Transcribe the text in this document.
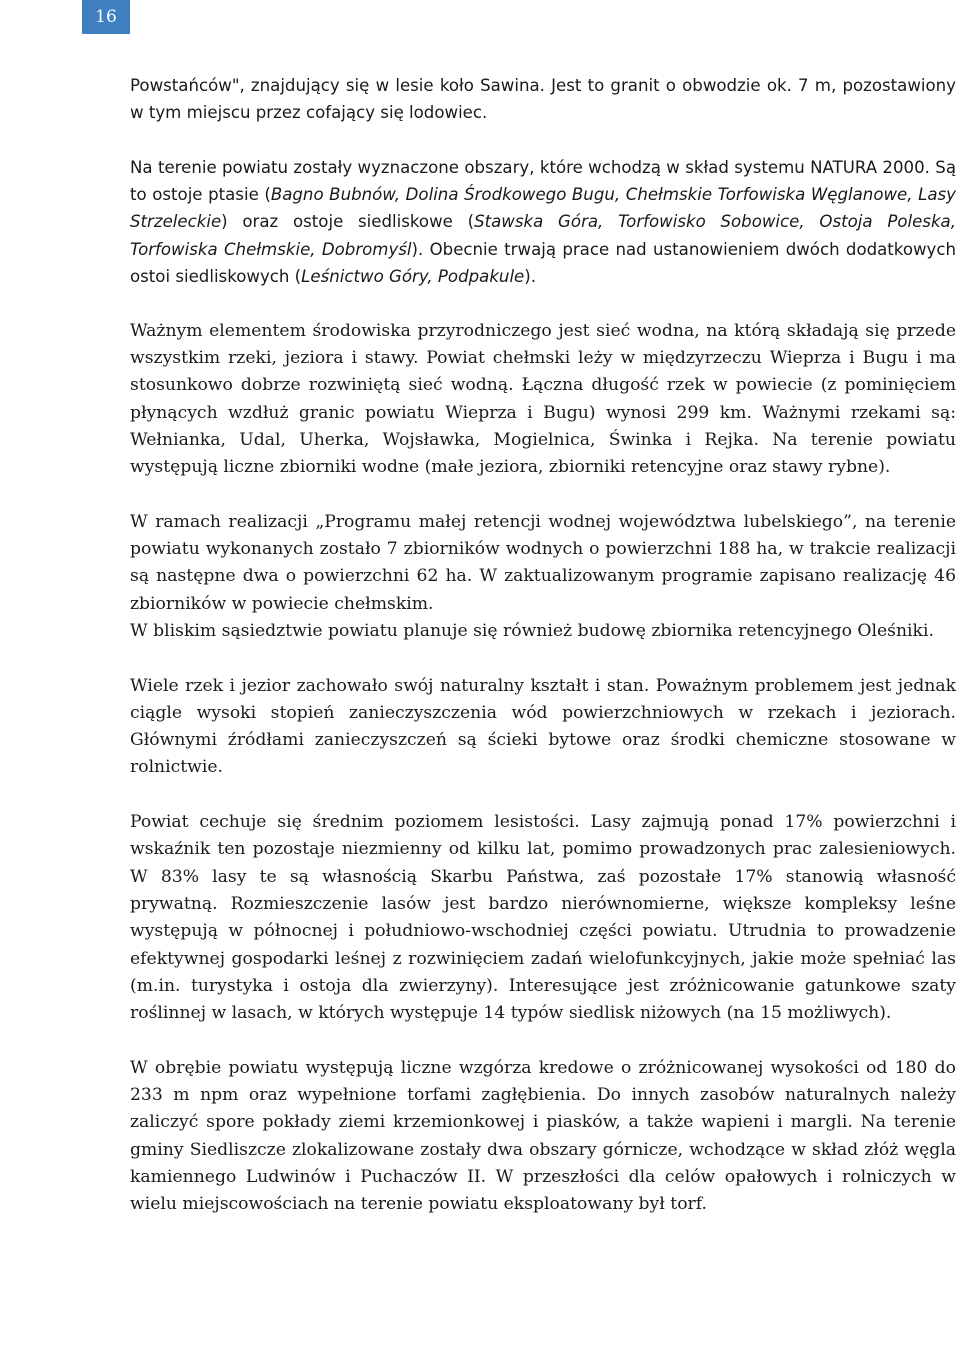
16

Powstańców", znajdujący się w lesie koło Sawina. Jest to granit o obwodzie ok. 7 m, pozostawiony w tym miejscu przez cofający się lodowiec.

Na terenie powiatu zostały wyznaczone obszary, które wchodzą w skład systemu NATURA 2000. Są to ostoje ptasie (Bagno Bubnów, Dolina Środkowego Bugu, Chełmskie Torfowiska Węglanowe, Lasy Strzeleckie) oraz ostoje siedliskowe (Stawska Góra, Torfowisko Sobowice, Ostoja Poleska, Torfowiska Chełmskie, Dobromyśl). Obecnie trwają prace nad ustanowieniem dwóch dodatkowych ostoi siedliskowych (Leśnictwo Góry, Podpakule).

Ważnym elementem środowiska przyrodniczego jest sieć wodna, na którą składają się przede wszystkim rzeki, jeziora i stawy. Powiat chełmski leży w międzyrzeczu Wieprza i Bugu i ma stosunkowo dobrze rozwiniętą sieć wodną. Łączna długość rzek w powiecie (z pominięciem płynących wzdłuż granic powiatu Wieprza i Bugu) wynosi 299 km. Ważnymi rzekami są: Wełnianka, Udal, Uherka, Wojsławka, Mogielnica, Świnka i Rejka. Na terenie powiatu występują liczne zbiorniki wodne (małe jeziora, zbiorniki retencyjne oraz stawy rybne).

W ramach realizacji „Programu małej retencji wodnej województwa lubelskiego”, na terenie powiatu wykonanych zostało 7 zbiorników wodnych o powierzchni 188 ha, w trakcie realizacji są następne dwa o powierzchni 62 ha. W zaktualizowanym programie zapisano realizację 46 zbiorników w powiecie chełmskim.
W bliskim sąsiedztwie powiatu planuje się również budowę zbiornika retencyjnego Oleśniki.

Wiele rzek i jezior zachowało swój naturalny kształt i stan. Poważnym problemem jest jednak ciągle wysoki stopień zanieczyszczenia wód powierzchniowych w rzekach i jeziorach. Głównymi źródłami zanieczyszczeń są ścieki bytowe oraz środki chemiczne stosowane w rolnictwie.

Powiat cechuje się średnim poziomem lesistości. Lasy zajmują ponad 17% powierzchni i wskaźnik ten pozostaje niezmienny od kilku lat, pomimo prowadzonych prac zalesieniowych. W 83% lasy te są własnością Skarbu Państwa, zaś pozostałe 17% stanowią własność prywatną. Rozmieszczenie lasów jest bardzo nierównomierne, większe kompleksy leśne występują w północnej i południowo-wschodniej części powiatu. Utrudnia to prowadzenie efektywnej gospodarki leśnej z rozwinięciem zadań wielofunkcyjnych, jakie może spełniać las (m.in. turystyka i ostoja dla zwierzyny). Interesujące jest zróżnicowanie gatunkowe szaty roślinnej w lasach, w których występuje 14 typów siedlisk niżowych (na 15 możliwych).

W obrębie powiatu występują liczne wzgórza kredowe o zróżnicowanej wysokości od 180 do 233 m npm oraz wypełnione torfami zagłębienia. Do innych zasobów naturalnych należy zaliczyć spore pokłady ziemi krzemionkowej i piasków, a także wapieni i margli. Na terenie gminy Siedliszcze zlokalizowane zostały dwa obszary górnicze, wchodzące w skład złóż węgla kamiennego Ludwinów i Puchaczów II. W przeszłości dla celów opałowych i rolniczych w wielu miejscowościach na terenie powiatu eksploatowany był torf.
